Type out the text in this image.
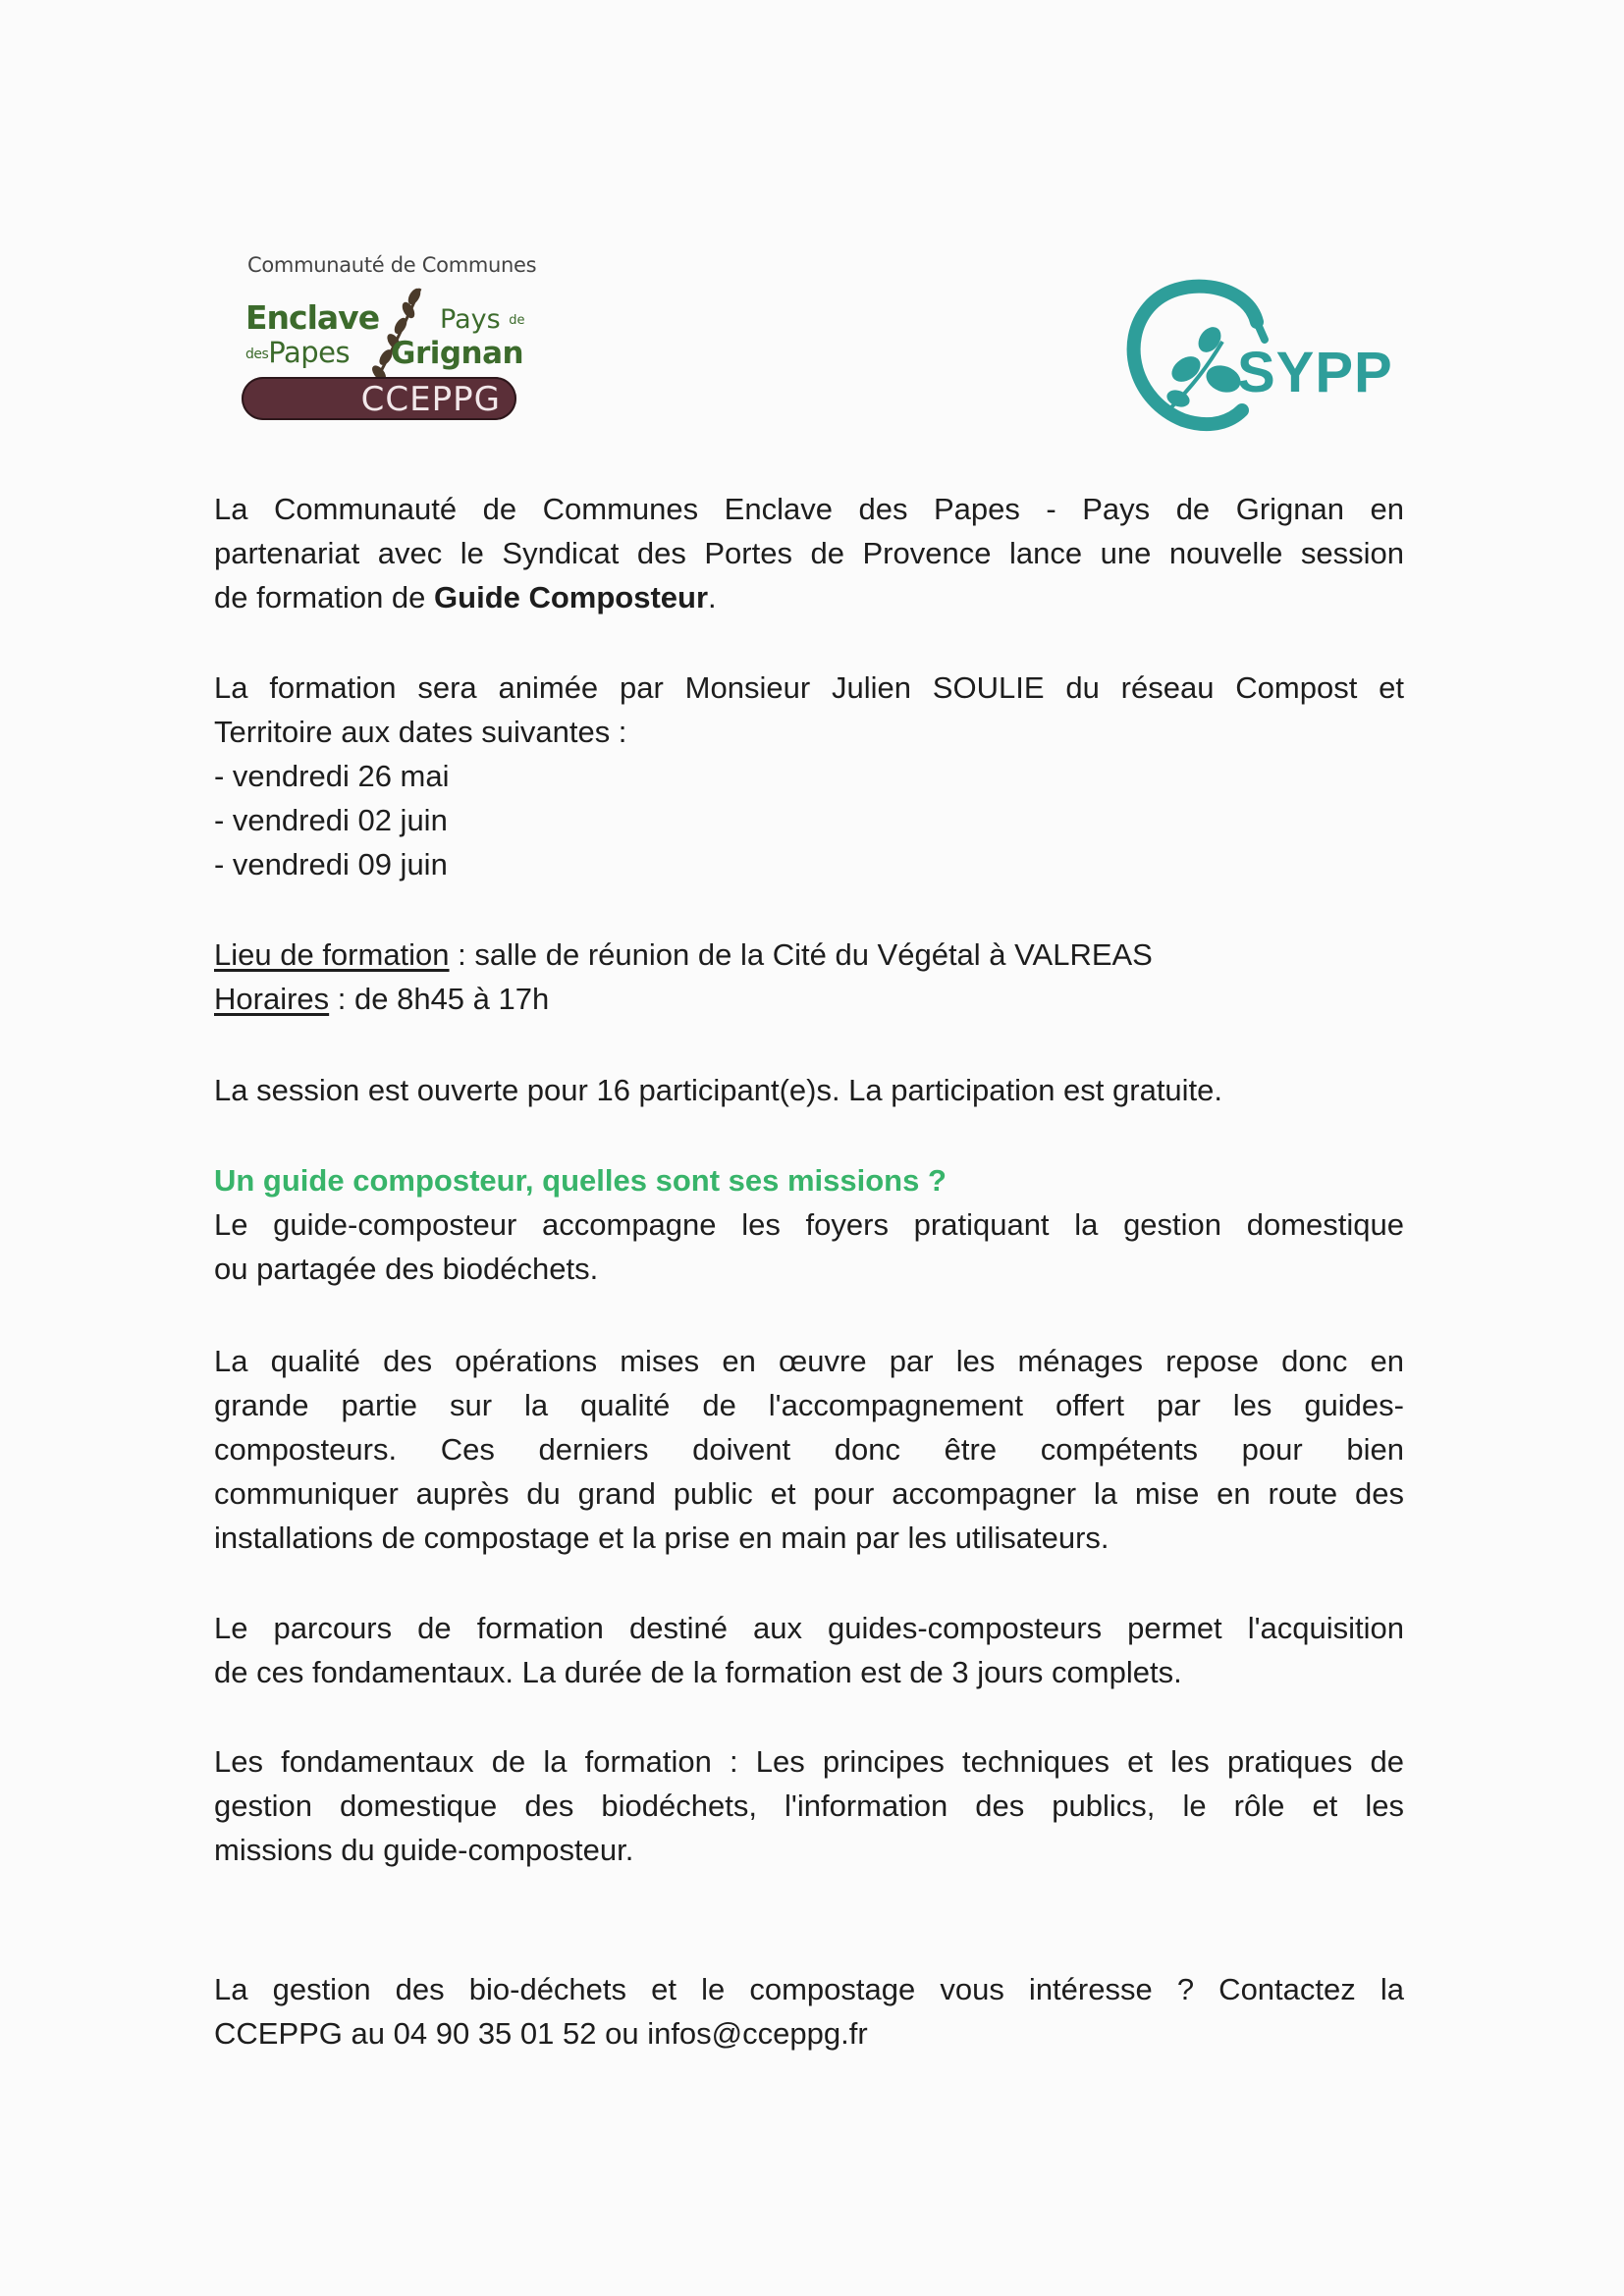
Communauté de Communes
Enclave
desPapes
Pays de
Grignan
CCEPPG	SYPP
La Communauté de Communes Enclave des Papes - Pays de Grignan en
partenariat avec le Syndicat des Portes de Provence lance une nouvelle session
de formation de Guide Composteur.
La formation sera animée par Monsieur Julien SOULIE du réseau Compost et
Territoire aux dates suivantes :
- vendredi 26 mai
- vendredi 02 juin
- vendredi 09 juin
Lieu de formation : salle de réunion de la Cité du Végétal à VALREAS
Horaires : de 8h45 à 17h
La session est ouverte pour 16 participant(e)s. La participation est gratuite.
Un guide composteur, quelles sont ses missions ?
Le guide-composteur accompagne les foyers pratiquant la gestion domestique
ou partagée des biodéchets.
La qualité des opérations mises en œuvre par les ménages repose donc en
grande partie sur la qualité de l'accompagnement offert par les guides-
composteurs. Ces derniers doivent donc être compétents pour bien
communiquer auprès du grand public et pour accompagner la mise en route des
installations de compostage et la prise en main par les utilisateurs.
Le parcours de formation destiné aux guides-composteurs permet l'acquisition
de ces fondamentaux. La durée de la formation est de 3 jours complets.
Les fondamentaux de la formation : Les principes techniques et les pratiques de
gestion domestique des biodéchets, l'information des publics, le rôle et les
missions du guide-composteur.
La gestion des bio-déchets et le compostage vous intéresse ? Contactez la
CCEPPG au 04 90 35 01 52 ou infos@cceppg.fr
